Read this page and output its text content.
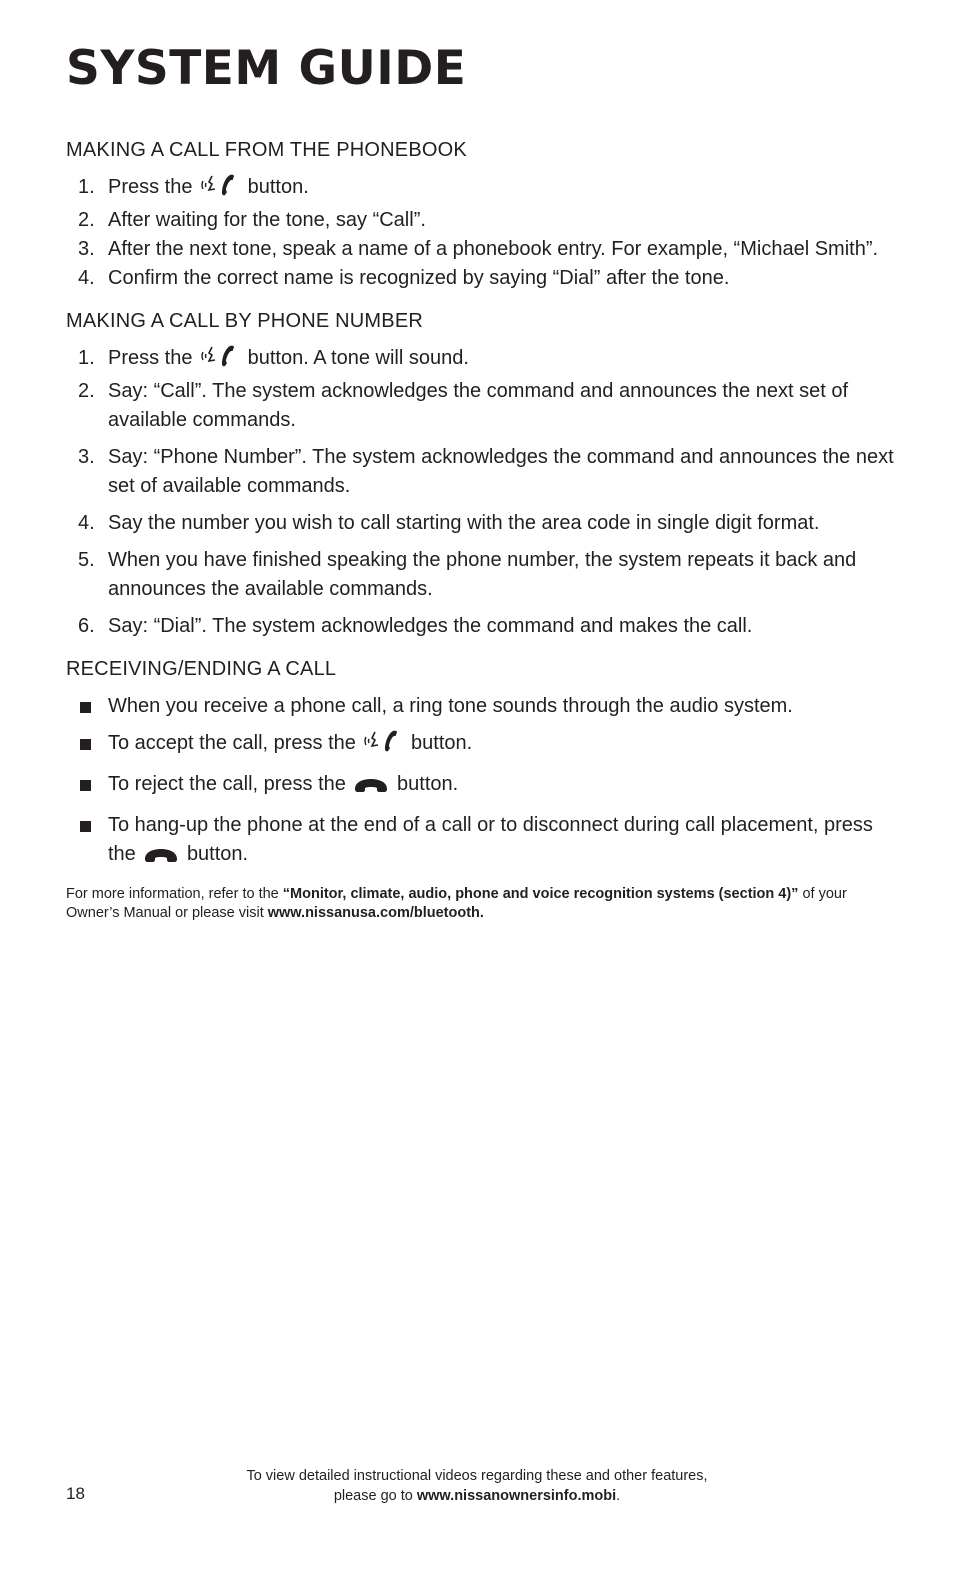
SYSTEM GUIDE
MAKING A CALL FROM THE PHONEBOOK
1. Press the	button.
2. After waiting for the tone, say “Call”.
3. After the next tone, speak a name of a phonebook entry. For example, “Michael Smith”.
4. Confirm the correct name is recognized by saying “Dial” after the tone.
MAKING A CALL BY PHONE NUMBER
1. Press the	button. A tone will sound.
2. Say: “Call”. The system acknowledges the command and announces the next set of available commands.
3. Say: “Phone Number”. The system acknowledges the command and announces the next set of available commands.
4. Say the number you wish to call starting with the area code in single digit format.
5. When you have finished speaking the phone number, the system repeats it back and announces the available commands.
6. Say: “Dial”. The system acknowledges the command and makes the call.
RECEIVING/ENDING A CALL
When you receive a phone call, a ring tone sounds through the audio system.
To accept the call, press the	button.
To reject the call, press the	button.
To hang-up the phone at the end of a call or to disconnect during call placement, press the	button.
For more information, refer to the “Monitor, climate, audio, phone and voice recognition systems (section 4)” of your Owner’s Manual or please visit www.nissanusa.com/bluetooth.
18
To view detailed instructional videos regarding these and other features,
please go to www.nissanownersinfo.mobi.
